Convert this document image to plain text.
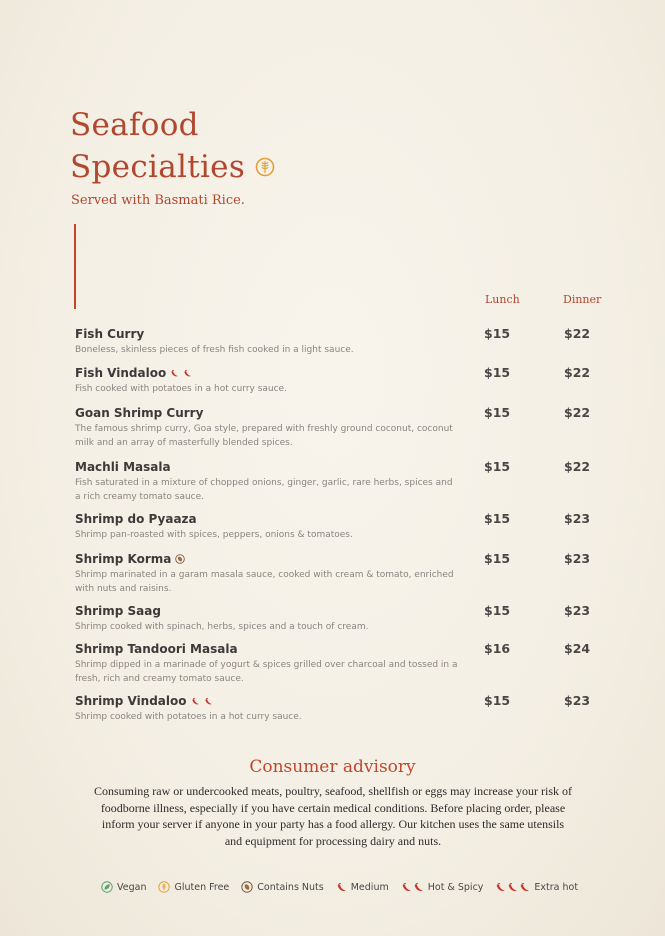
Seafood

Specialties
Served with Basmati Rice.
Lunch	Dinner
Fish Curry
Boneless, skinless pieces of fresh fish cooked in a light sauce.
$15	$22
Fish Vindaloo

Fish cooked with potatoes in a hot curry sauce.
$15	$22
Goan Shrimp Curry
The famous shrimp curry, Goa style, prepared with freshly ground coconut, coconut milk and an array of masterfully blended spices.
$15	$22
Machli Masala
Fish saturated in a mixture of chopped onions, ginger, garlic, rare herbs, spices and a rich creamy tomato sauce.
$15	$22
Shrimp do Pyaaza
Shrimp pan-roasted with spices, peppers, onions & tomatoes.
$15	$23
Shrimp Korma
Shrimp marinated in a garam masala sauce, cooked with cream & tomato, enriched with nuts and raisins.
$15	$23
Shrimp Saag
Shrimp cooked with spinach, herbs, spices and a touch of cream.
$15	$23
Shrimp Tandoori Masala
Shrimp dipped in a marinade of yogurt & spices grilled over charcoal and tossed in a fresh, rich and creamy tomato sauce.
$16	$24
Shrimp Vindaloo

Shrimp cooked with potatoes in a hot curry sauce.
$15	$23
Consumer advisory
Consuming raw or undercooked meats, poultry, seafood, shellfish or eggs may increase your risk of foodborne illness, especially if you have certain medical conditions. Before placing order, please inform your server if anyone in your party has a food allergy. Our kitchen uses the same utensils and equipment for processing dairy and nuts.
Vegan	Gluten Free	Contains Nuts	Medium	Hot & Spicy	Extra hot
